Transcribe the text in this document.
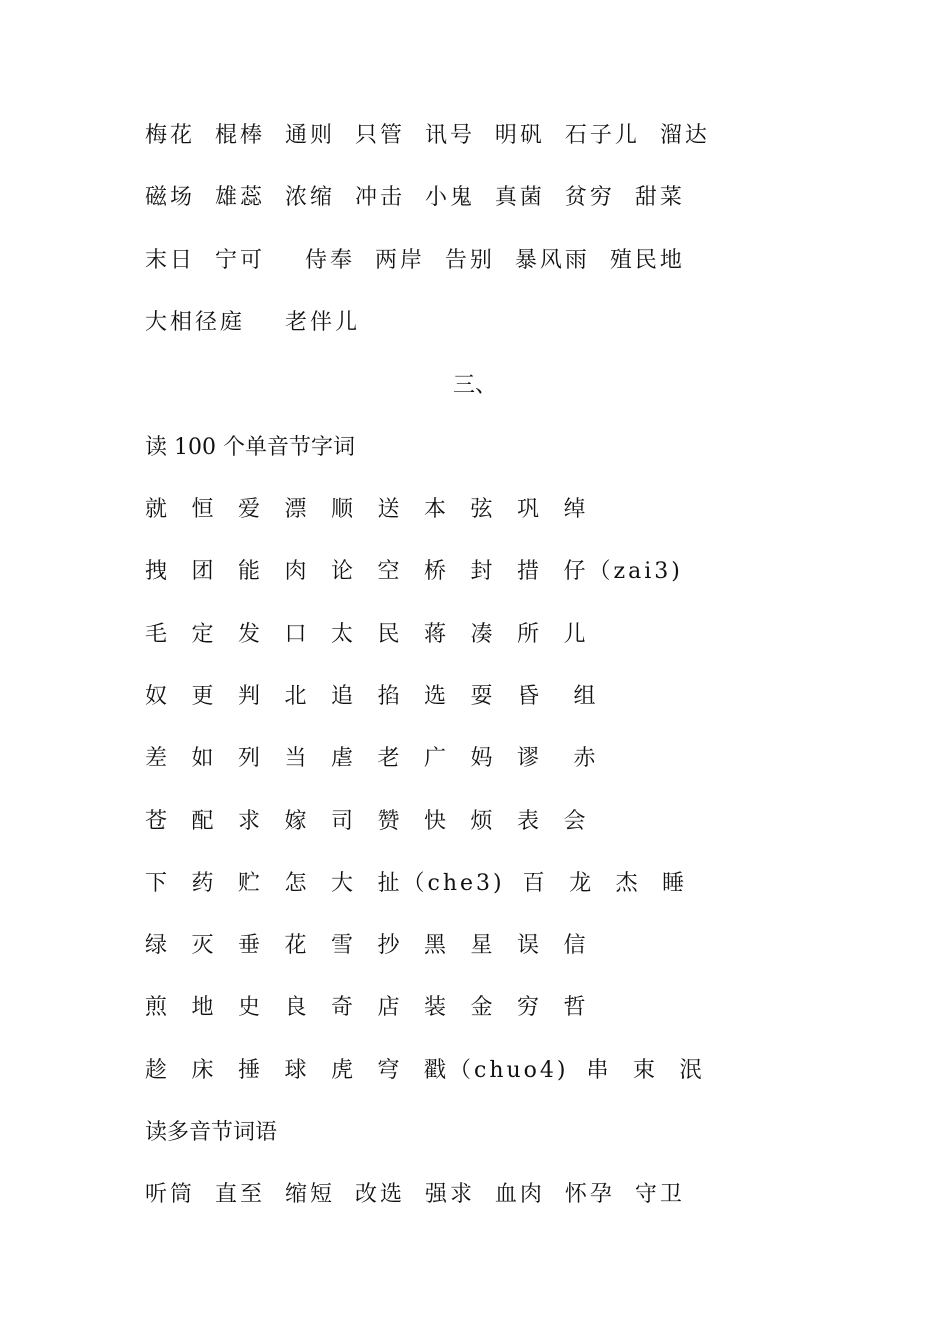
梅花  棍棒  通则  只管  讯号  明矾  石子儿  溜达
磁场  雄蕊  浓缩  冲击  小鬼  真菌  贫穷  甜菜
末日  宁可    侍奉  两岸  告别  暴风雨  殖民地
大相径庭    老伴儿
三、
读 100 个单音节字词
就 恒 爱 漂 顺 送 本 弦 巩 绰
拽 团 能 肉 论 空 桥 封 措 仔（zai3)
毛 定 发 口 太 民 蒋 凑 所 儿
奴 更 判 北 追 掐 选 耍 昏 组
差 如 列 当 虐 老 广 妈 谬 赤
苍 配 求 嫁 司 赞 快 烦 表 会
下 药 贮 怎 大 扯（che3) 百 龙 杰 睡
绿 灭 垂 花 雪 抄 黑 星 误 信
煎 地 史 良 奇 店 装 金 穷 哲
趁 床 捶 球 虎 穹 戳（chuo4) 串 束 泯
读多音节词语
听筒  直至  缩短  改选  强求  血肉  怀孕  守卫
